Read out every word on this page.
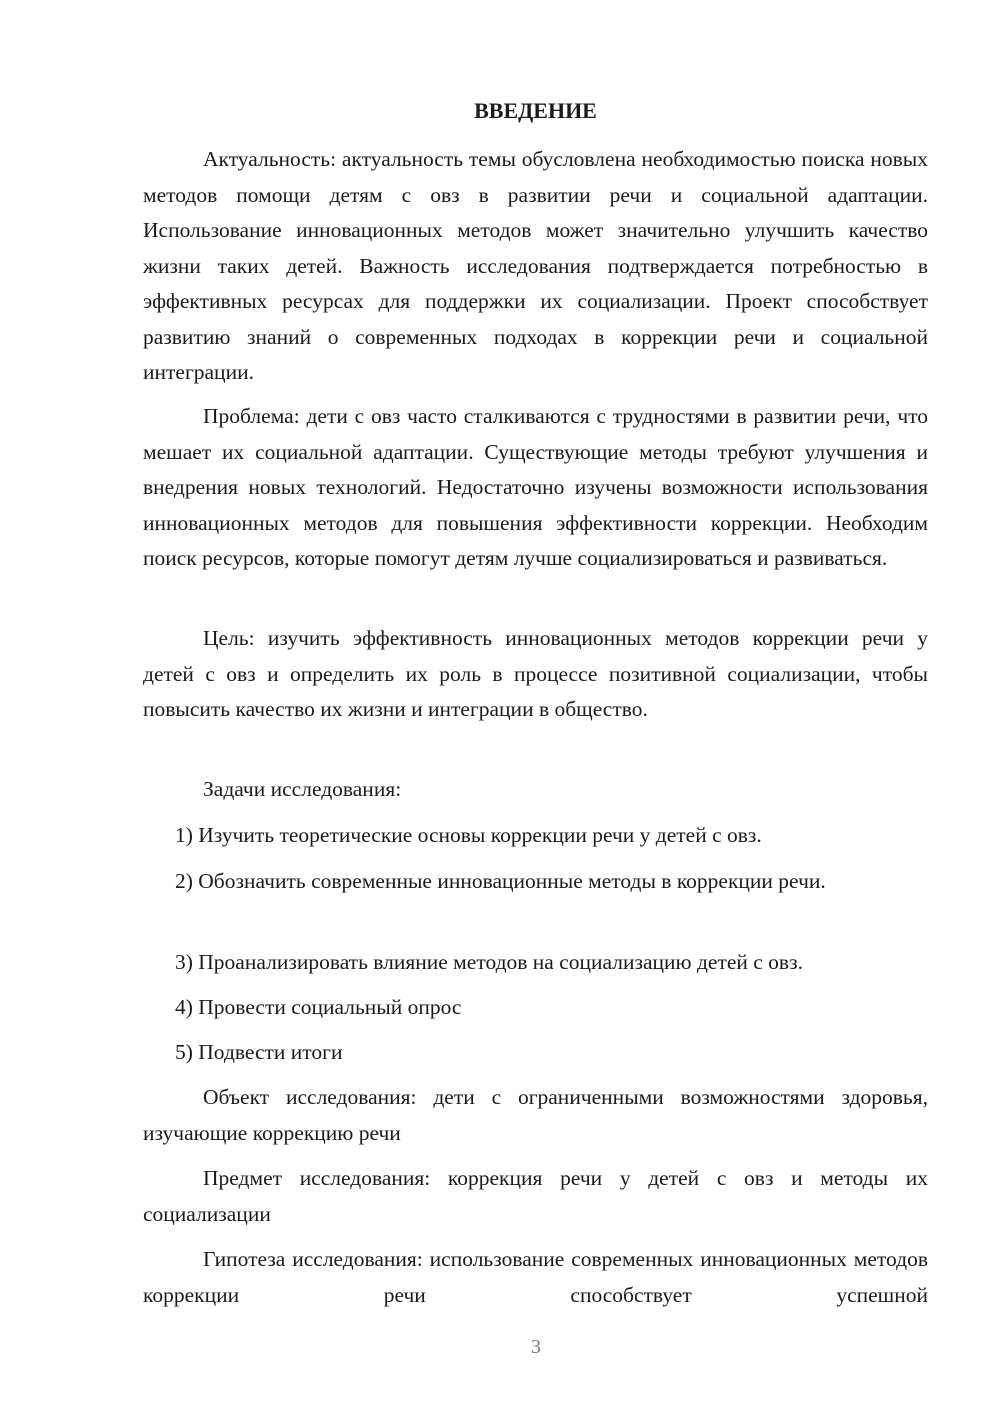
ВВЕДЕНИЕ

Актуальность: актуальность темы обусловлена необходимостью поиска новых методов помощи детям с овз в развитии речи и социальной адаптации. Использование инновационных методов может значительно улучшить качество жизни таких детей. Важность исследования подтверждается потребностью в эффективных ресурсах для поддержки их социализации. Проект способствует развитию знаний о современных подходах в коррекции речи и социальной интеграции.

Проблема: дети с овз часто сталкиваются с трудностями в развитии речи, что мешает их социальной адаптации. Существующие методы требуют улучшения и внедрения новых технологий. Недостаточно изучены возможности использования инновационных методов для повышения эффективности коррекции. Необходим поиск ресурсов, которые помогут детям лучше социализироваться и развиваться.

Цель: изучить эффективность инновационных методов коррекции речи у детей с овз и определить их роль в процессе позитивной социализации, чтобы повысить качество их жизни и интеграции в общество.

Задачи исследования:

1) Изучить теоретические основы коррекции речи у детей с овз.

2) Обозначить современные инновационные методы в коррекции речи.

3) Проанализировать влияние методов на социализацию детей с овз.

4) Провести социальный опрос

5) Подвести итоги

Объект исследования: дети с ограниченными возможностями здоровья, изучающие коррекцию речи

Предмет исследования: коррекция речи у детей с овз и методы их социализации

Гипотеза исследования: использование современных инновационных методов коррекции речи способствует успешной

3
